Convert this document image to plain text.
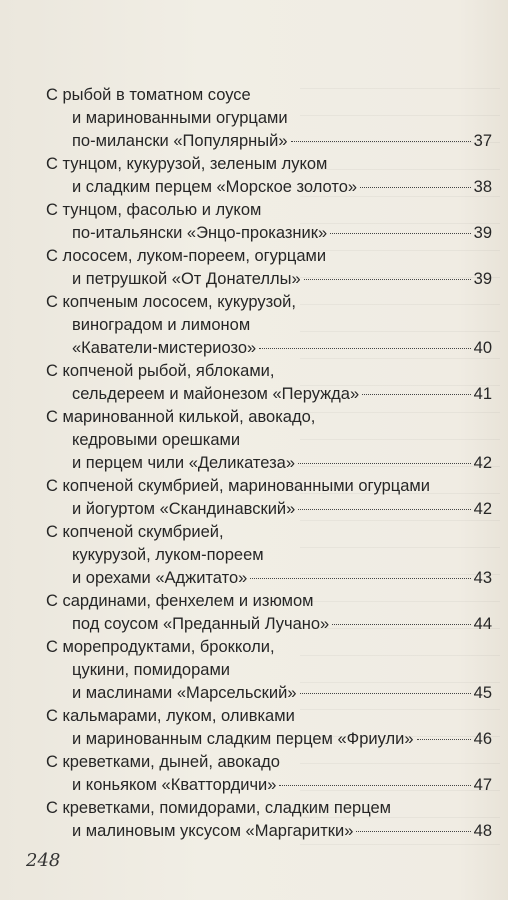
С рыбой в томатном соусе
и маринованными огурцами
по-милански «Популярный»	37
С тунцом, кукурузой, зеленым луком
и сладким перцем «Морское золото»	38
С тунцом, фасолью и луком
по-итальянски «Энцо-проказник»	39
С лососем, луком-пореем, огурцами
и петрушкой «От Донателлы»	39
С копченым лососем, кукурузой,
виноградом и лимоном
«Каватели-мистериозо»	40
С копченой рыбой, яблоками,
сельдереем и майонезом «Перужда»	41
С маринованной килькой, авокадо,
кедровыми орешками
и перцем чили «Деликатеза»	42
С копченой скумбрией, маринованными огурцами
и йогуртом «Скандинавский»	42
С копченой скумбрией,
кукурузой, луком-пореем
и орехами «Аджитато»	43
С сардинами, фенхелем и изюмом
под соусом «Преданный Лучано»	44
С морепродуктами, брокколи,
цукини, помидорами
и маслинами «Марсельский»	45
С кальмарами, луком, оливками
и маринованным сладким перцем «Фриули»	46
С креветками, дыней, авокадо
и коньяком «Кваттордичи»	47
С креветками, помидорами, сладким перцем
и малиновым уксусом «Маргаритки»	48
248
